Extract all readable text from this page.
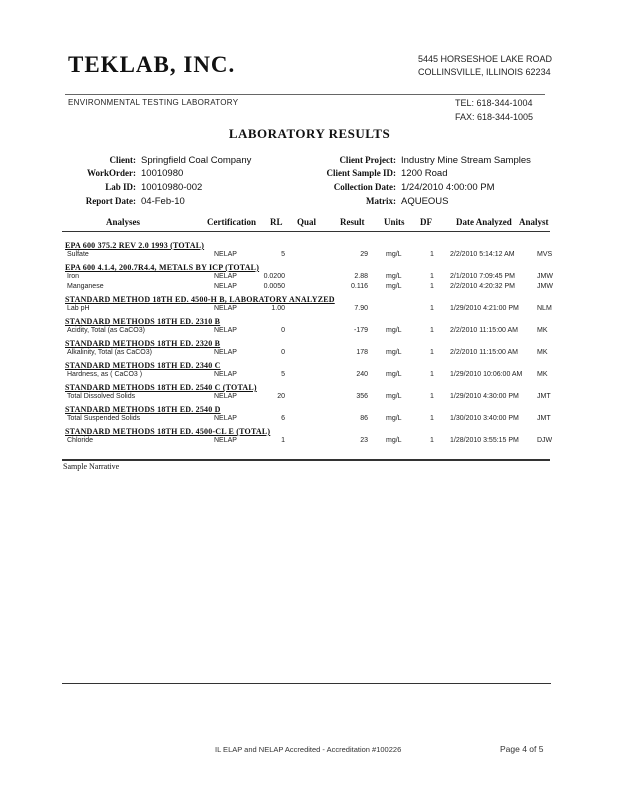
TEKLAB, INC.	5445 HORSESHOE LAKE ROAD
COLLINSVILLE, ILLINOIS 62234
ENVIRONMENTAL TESTING LABORATORY	TEL: 618-344-1004
FAX: 618-344-1005
LABORATORY RESULTS
Client: Springfield Coal Company
WorkOrder: 10010980
Lab ID: 10010980-002
Report Date: 04-Feb-10
Client Project: Industry Mine Stream Samples
Client Sample ID: 1200 Road
Collection Date: 1/24/2010 4:00:00 PM
Matrix: AQUEOUS
Analyses	Certification RL Qual	Result Units DF	Date Analyzed Analyst
EPA 600 375.2 REV 2.0 1993 (TOTAL)
Sulfate	NELAP	5	29	mg/L	1 2/2/2010 5:14:12 AM	MVS
EPA 600 4.1.4, 200.7R4.4, METALS BY ICP (TOTAL)
Iron	NELAP	0.0200	2.88	mg/L	1 2/1/2010 7:09:45 PM	JMW
Manganese	NELAP	0.0050	0.116	mg/L	1 2/2/2010 4:20:32 PM	JMW
STANDARD METHOD 18TH ED. 4500-H B, LABORATORY ANALYZED
Lab pH	NELAP	1.00	7.90	1 1/29/2010 4:21:00 PM	NLM
STANDARD METHODS 18TH ED. 2310 B
Acidity, Total (as CaCO3)	NELAP	0	-179	mg/L	1 2/2/2010 11:15:00 AM	MK
STANDARD METHODS 18TH ED. 2320 B
Alkalinity, Total (as CaCO3)	NELAP	0	178	mg/L	1 2/2/2010 11:15:00 AM	MK
STANDARD METHODS 18TH ED. 2340 C
Hardness, as ( CaCO3 )	NELAP	5	240	mg/L	1 1/29/2010 10:06:00 AM MK
STANDARD METHODS 18TH ED. 2540 C (TOTAL)
Total Dissolved Solids	NELAP	20	356	mg/L	1 1/29/2010 4:30:00 PM	JMT
STANDARD METHODS 18TH ED. 2540 D
Total Suspended Solids	NELAP	6	86	mg/L	1 1/30/2010 3:40:00 PM	JMT
STANDARD METHODS 18TH ED. 4500-CL E (TOTAL)
Chloride	NELAP	1	23	mg/L	1 1/28/2010 3:55:15 PM	DJW
Sample Narrative
IL ELAP and NELAP Accredited - Accreditation #100226	Page 4 of 5
